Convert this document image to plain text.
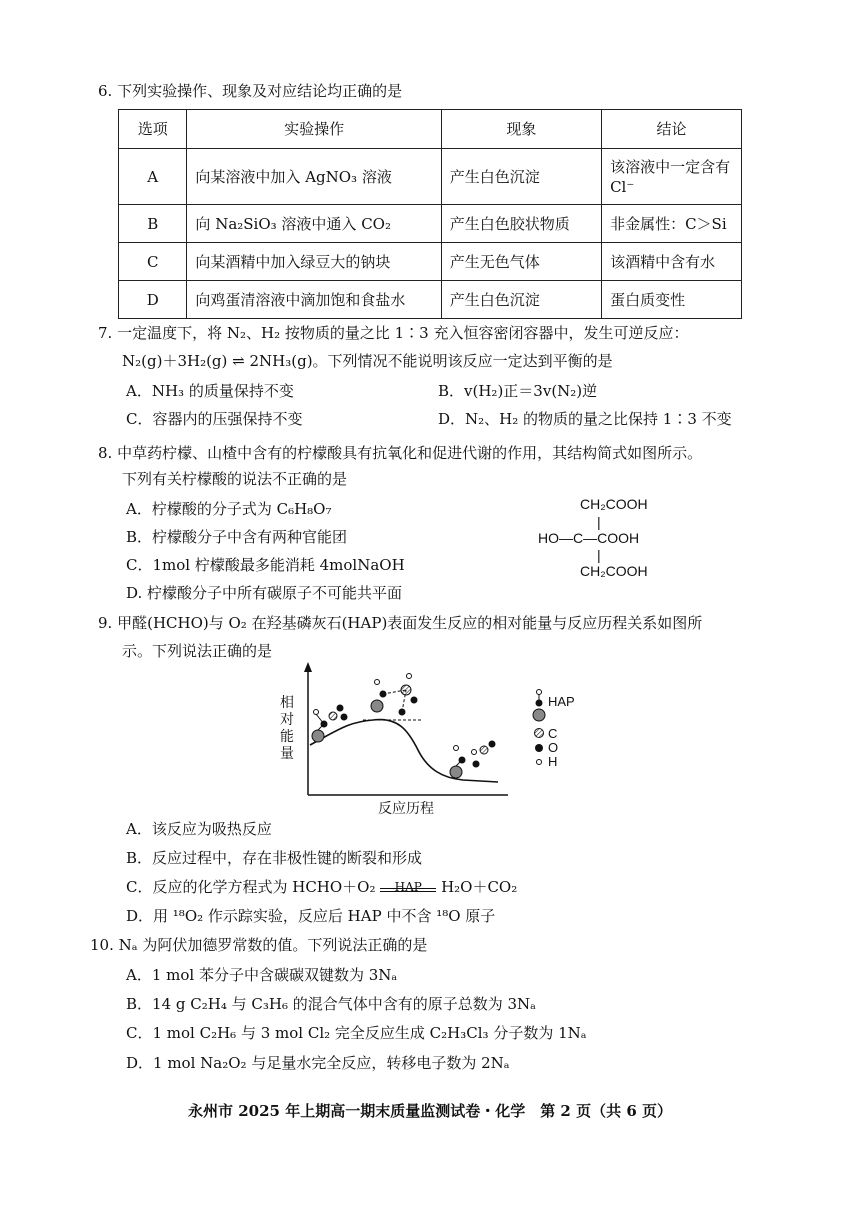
6. 下列实验操作、现象及对应结论均正确的是
选项	实验操作	现象	结论
A	向某溶液中加入 AgNO₃ 溶液	产生白色沉淀	该溶液中一定含有 Cl⁻
B	向 Na₂SiO₃ 溶液中通入 CO₂	产生白色胶状物质	非金属性：C＞Si
C	向某酒精中加入绿豆大的钠块	产生无色气体	该酒精中含有水
D	向鸡蛋清溶液中滴加饱和食盐水	产生白色沉淀	蛋白质变性
7. 一定温度下，将 N₂、H₂ 按物质的量之比 1∶3 充入恒容密闭容器中，发生可逆反应：
N₂(g)＋3H₂(g) ⇌ 2NH₃(g)。下列情况不能说明该反应一定达到平衡的是
A．NH₃ 的质量保持不变	B．v(H₂)正＝3v(N₂)逆
C．容器内的压强保持不变	D．N₂、H₂ 的物质的量之比保持 1∶3 不变
8. 中草药柠檬、山楂中含有的柠檬酸具有抗氧化和促进代谢的作用，其结构简式如图所示。
下列有关柠檬酸的说法不正确的是
A．柠檬酸的分子式为 C₆H₈O₇
B．柠檬酸分子中含有两种官能团
C．1mol 柠檬酸最多能消耗 4molNaOH
D. 柠檬酸分子中所有碳原子不可能共平面
CH₂COOH
|
HO—C—COOH
|
CH₂COOH
9. 甲醛(HCHO)与 O₂ 在羟基磷灰石(HAP)表面发生反应的相对能量与反应历程关系如图所
示。下列说法正确的是
相对能量
反应历程
HAP
C
O
H
A．该反应为吸热反应
B．反应过程中，存在非极性键的断裂和形成
C．反应的化学方程式为 HCHO＋O₂	HAP	H₂O＋CO₂
D．用 ¹⁸O₂ 作示踪实验，反应后 HAP 中不含 ¹⁸O 原子
10. Nₐ 为阿伏加德罗常数的值。下列说法正确的是
A．1 mol 苯分子中含碳碳双键数为 3Nₐ
B．14 g C₂H₄ 与 C₃H₆ 的混合气体中含有的原子总数为 3Nₐ
C．1 mol C₂H₆ 与 3 mol Cl₂ 完全反应生成 C₂H₃Cl₃ 分子数为 1Nₐ
D．1 mol Na₂O₂ 与足量水完全反应，转移电子数为 2Nₐ
永州市 2025 年上期高一期末质量监测试卷・化学　第 2 页（共 6 页）
